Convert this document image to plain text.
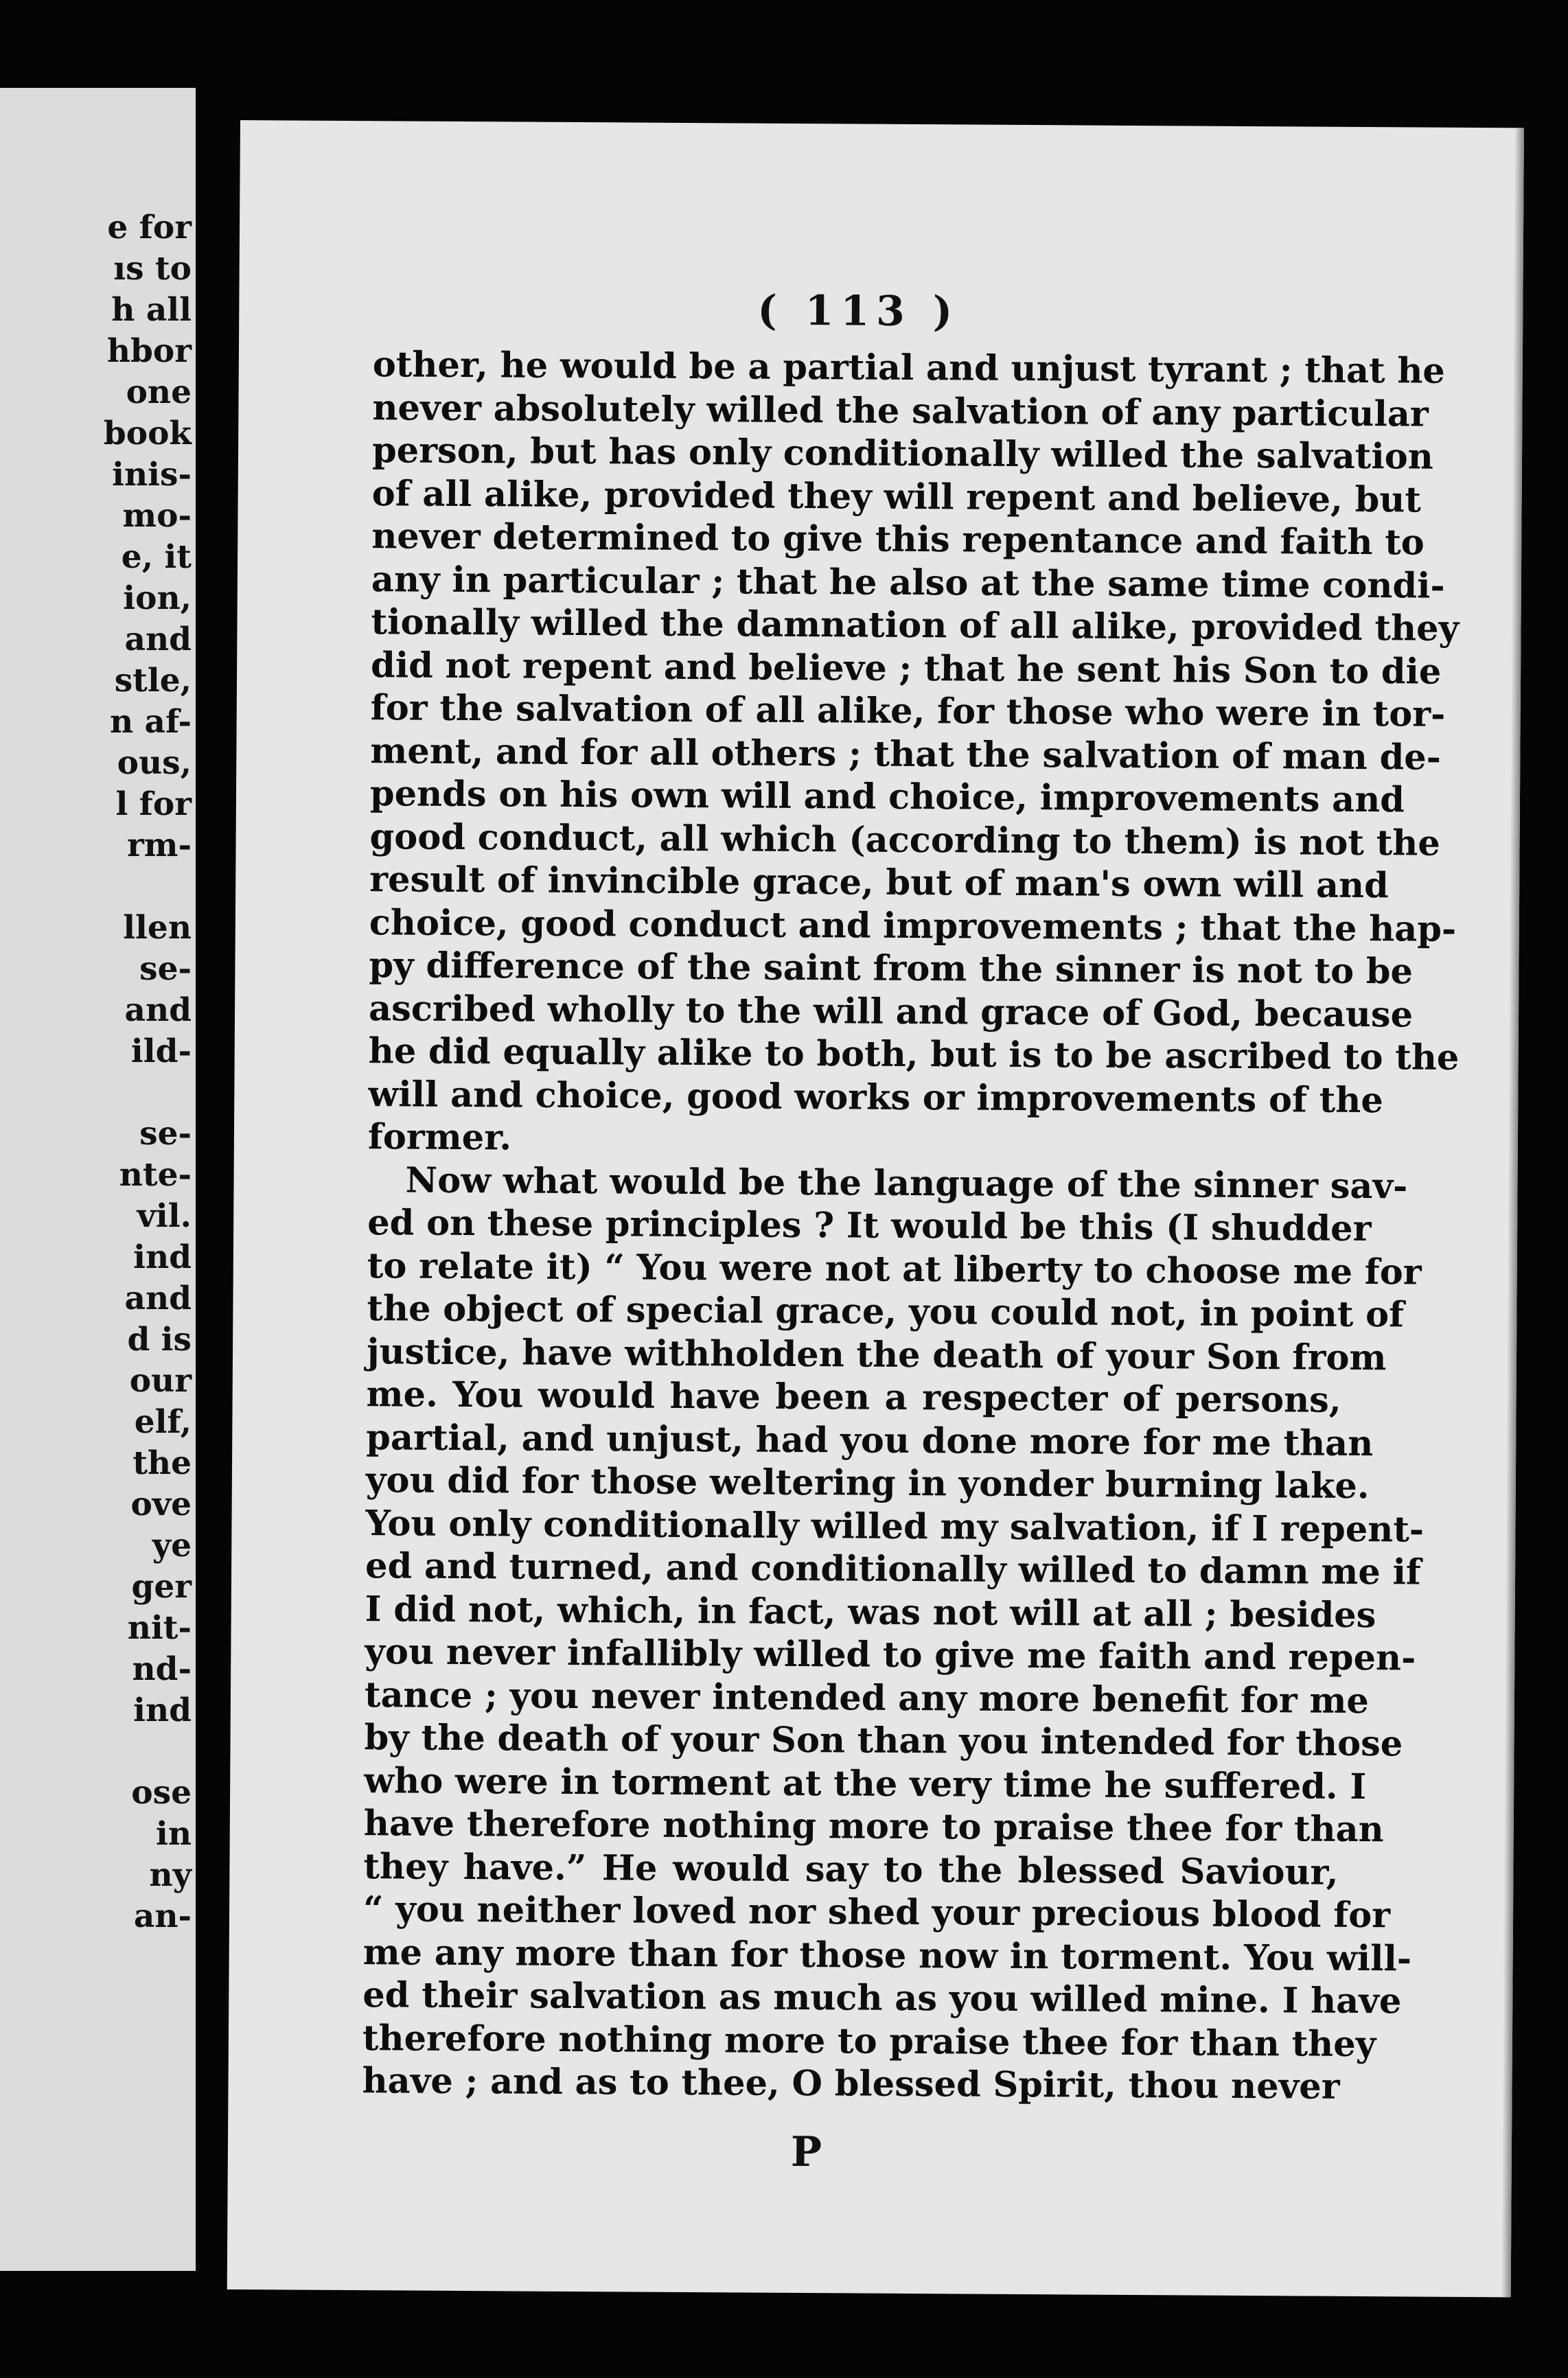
e for
ıs to
h all
hbor
one
book
inis-
mo-
e, it
ion,
and
stle,
n af-
ous,
l for
rm-
llen
se-
and
ild-
se-
nte-
vil.
ind
and
d is
our
elf,
the
ove
ye
ger
nit-
nd-
ind
ose
in
ny
an-
( 113 )
P
other, he would be a partial and unjust tyrant ; that he
never absolutely willed the salvation of any particular
person, but has only conditionally willed the salvation
of all alike, provided they will repent and believe, but
never determined to give this repentance and faith to
any in particular ; that he also at the same time condi-
tionally willed the damnation of all alike, provided they
did not repent and believe ; that he sent his Son to die
for the salvation of all alike, for those who were in tor-
ment, and for all others ; that the salvation of man de-
pends on his own will and choice, improvements and
good conduct, all which (according to them) is not the
result of invincible grace, but of man's own will and
choice, good conduct and improvements ; that the hap-
py difference of the saint from the sinner is not to be
ascribed wholly to the will and grace of God, because
he did equally alike to both, but is to be ascribed to the
will and choice, good works or improvements of the
former.
Now what would be the language of the sinner sav-
ed on these principles ? It would be this (I shudder
to relate it) “ You were not at liberty to choose me for
the object of special grace, you could not, in point of
justice, have withholden the death of your Son from
me. You would have been a respecter of persons,
partial, and unjust, had you done more for me than
you did for those weltering in yonder burning lake.
You only conditionally willed my salvation, if I repent-
ed and turned, and conditionally willed to damn me if
I did not, which, in fact, was not will at all ; besides
you never infallibly willed to give me faith and repen-
tance ; you never intended any more benefit for me
by the death of your Son than you intended for those
who were in torment at the very time he suffered. I
have therefore nothing more to praise thee for than
they have.” He would say to the blessed Saviour,
“ you neither loved nor shed your precious blood for
me any more than for those now in torment. You will-
ed their salvation as much as you willed mine. I have
therefore nothing more to praise thee for than they
have ; and as to thee, O blessed Spirit, thou never
